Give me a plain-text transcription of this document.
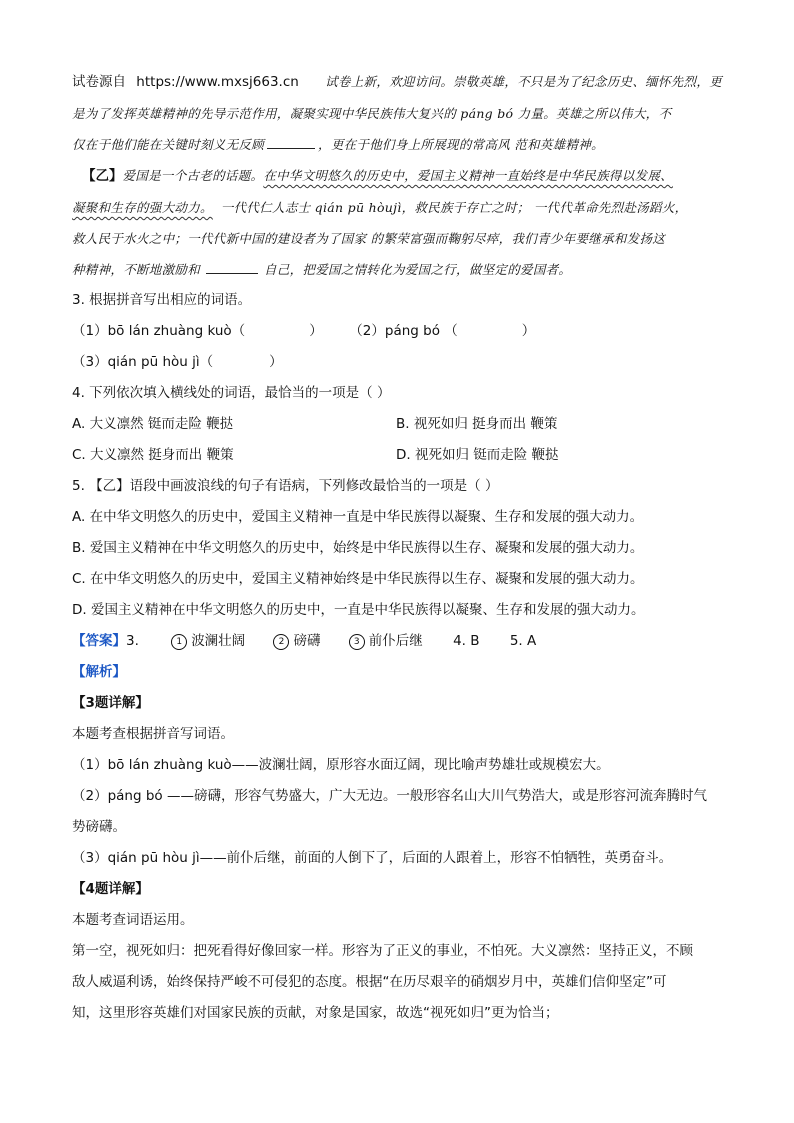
试卷源自 https://www.mxsj663.cn 试卷上新，欢迎访问。崇敬英雄，不只是为了纪念历史、缅怀先烈，更
是为了发挥英雄精神的先导示范作用，凝聚实现中华民族伟大复兴的 páng bó 力量。英雄之所以伟大，不
仅在于他们能在关键时刻义无反顾	，更在于他们身上所展现的常高风 范和英雄精神。
【乙】爱国是一个古老的话题。在中华文明悠久的历史中，爱国主义精神一直始终是中华民族得以发展、
凝聚和生存的强大动力。 一代代仁人志士 qián pū hòujì，救民族于存亡之时； 一代代革命先烈赴汤蹈火，
救人民于水火之中；一代代新中国的建设者为了国家 的繁荣富强而鞠躬尽瘁，我们青少年要继承和发扬这
种精神，不断地激励和	自己，把爱国之情转化为爱国之行，做坚定的爱国者。
3. 根据拼音写出相应的词语。
（1）bō lán zhuàng kuò（	） （2）páng bó （	）
（3）qián pū hòu jì（	）
4. 下列依次填入横线处的词语，最恰当的一项是（ ）
A. 大义凛然 铤而走险 鞭挞	B. 视死如归 挺身而出 鞭策
C. 大义凛然 挺身而出 鞭策	D. 视死如归 铤而走险 鞭挞
5. 【乙】语段中画波浪线的句子有语病，下列修改最恰当的一项是（ ）
A. 在中华文明悠久的历史中，爱国主义精神一直是中华民族得以凝聚、生存和发展的强大动力。
B. 爱国主义精神在中华文明悠久的历史中，始终是中华民族得以生存、凝聚和发展的强大动力。
C. 在中华文明悠久的历史中，爱国主义精神始终是中华民族得以生存、凝聚和发展的强大动力。
D. 爱国主义精神在中华文明悠久的历史中，一直是中华民族得以凝聚、生存和发展的强大动力。
【答案】3.	1 波澜壮阔	2 磅礴	3 前仆后继 4. B 5. A
【解析】
【3题详解】
本题考查根据拼音写词语。
（1）bō lán zhuàng kuò——波澜壮阔，原形容水面辽阔，现比喻声势雄壮或规模宏大。
（2）páng bó ——磅礴，形容气势盛大，广大无边。一般形容名山大川气势浩大，或是形容河流奔腾时气
势磅礴。
（3）qián pū hòu jì——前仆后继，前面的人倒下了，后面的人跟着上，形容不怕牺牲，英勇奋斗。
【4题详解】
本题考查词语运用。
第一空，视死如归：把死看得好像回家一样。形容为了正义的事业，不怕死。大义凛然：坚持正义，不顾
敌人威逼利诱，始终保持严峻不可侵犯的态度。根据“在历尽艰辛的硝烟岁月中，英雄们信仰坚定”可
知，这里形容英雄们对国家民族的贡献，对象是国家，故选“视死如归”更为恰当；
